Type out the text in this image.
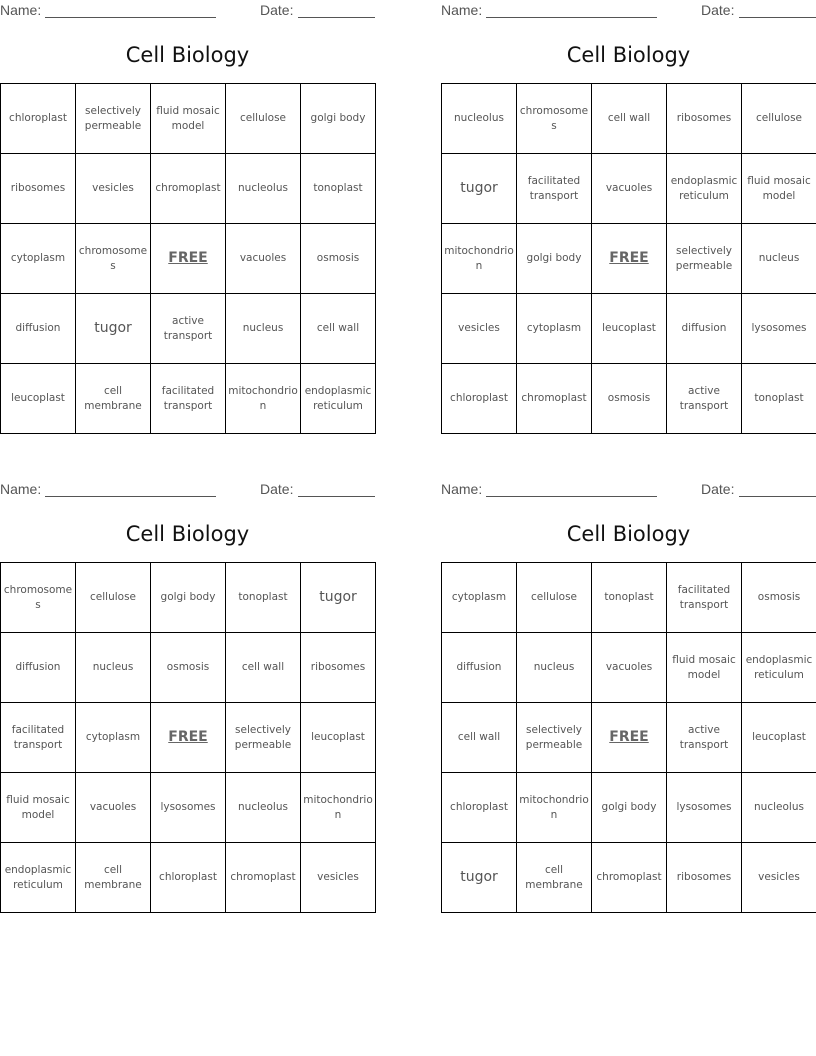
Name:	Date:
Cell Biology
chloroplast	selectively permeable	fluid mosaic model	cellulose	golgi body
ribosomes	vesicles	chromoplast	nucleolus	tonoplast
cytoplasm	chromosomes	FREE	vacuoles	osmosis
diffusion	tugor	active transport	nucleus	cell wall
leucoplast	cell membrane	facilitated transport	mitochondrion	endoplasmic reticulum
Name:	Date:
Cell Biology
nucleolus	chromosomes	cell wall	ribosomes	cellulose
tugor	facilitated transport	vacuoles	endoplasmic reticulum	fluid mosaic model
mitochondrion	golgi body	FREE	selectively permeable	nucleus
vesicles	cytoplasm	leucoplast	diffusion	lysosomes
chloroplast	chromoplast	osmosis	active transport	tonoplast
Name:	Date:
Cell Biology
chromosomes	cellulose	golgi body	tonoplast	tugor
diffusion	nucleus	osmosis	cell wall	ribosomes
facilitated transport	cytoplasm	FREE	selectively permeable	leucoplast
fluid mosaic model	vacuoles	lysosomes	nucleolus	mitochondrion
endoplasmic reticulum	cell membrane	chloroplast	chromoplast	vesicles
Name:	Date:
Cell Biology
cytoplasm	cellulose	tonoplast	facilitated transport	osmosis
diffusion	nucleus	vacuoles	fluid mosaic model	endoplasmic reticulum
cell wall	selectively permeable	FREE	active transport	leucoplast
chloroplast	mitochondrion	golgi body	lysosomes	nucleolus
tugor	cell membrane	chromoplast	ribosomes	vesicles
